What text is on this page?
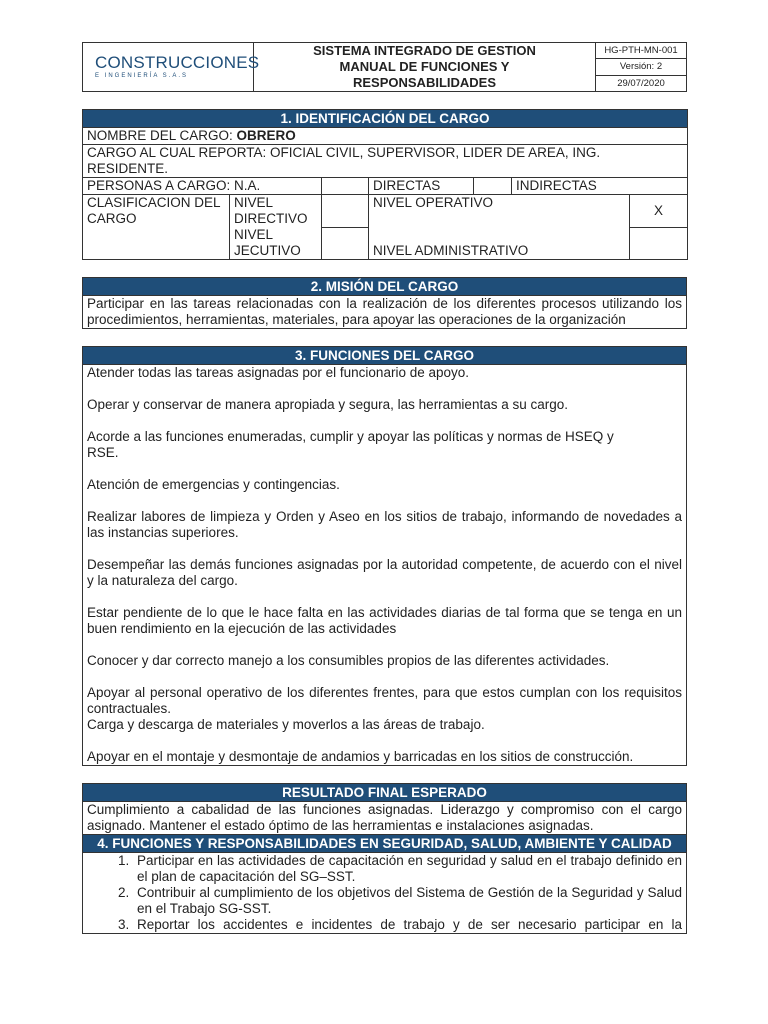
CONSTRUCCIONES
E INGENIERÍA S.A.S

SISTEMA INTEGRADO DE GESTION
MANUAL DE FUNCIONES Y
RESPONSABILIDADES
	HG-PTH-MN-001
Versión: 2
29/07/2020
1. IDENTIFICACIÓN DEL CARGO						
NOMBRE DEL CARGO: OBRERO						
CARGO AL CUAL REPORTA: OFICIAL CIVIL, SUPERVISOR, LIDER DE AREA, ING. RESIDENTE.						
PERSONAS A CARGO: N.A.			DIRECTAS		INDIRECTAS	
CLASIFICACION DEL CARGO	NIVEL DIRECTIVO		NIVEL OPERATIVO			X
	NIVEL JECUTIVO		NIVEL ADMINISTRATIVO			
2. MISIÓN DEL CARGO
Participar en las tareas relacionadas con la realización de los diferentes procesos utilizando los procedimientos, herramientas, materiales, para apoyar las operaciones de la organización
3. FUNCIONES DEL CARGO

Atender todas las tareas asignadas por el funcionario de apoyo.

Operar y conservar de manera apropiada y segura, las herramientas a su cargo.

Acorde a las funciones enumeradas, cumplir y apoyar las políticas y normas de HSEQ y RSE.

Atención de emergencias y contingencias.

Realizar labores de limpieza y Orden y Aseo en los sitios de trabajo, informando de novedades a las instancias superiores.

Desempeñar las demás funciones asignadas por la autoridad competente, de acuerdo con el nivel y la naturaleza del cargo.

Estar pendiente de lo que le hace falta en las actividades diarias de tal forma que se tenga en un buen rendimiento en la ejecución de las actividades

Conocer y dar correcto manejo a los consumibles propios de las diferentes actividades.

Apoyar al personal operativo de los diferentes frentes, para que estos cumplan con los requisitos contractuales.

Carga y descarga de materiales y moverlos a las áreas de trabajo.

Apoyar en el montaje y desmontaje de andamios y barricadas en los sitios de construcción.

RESULTADO FINAL ESPERADO
Cumplimiento a cabalidad de las funciones asignadas. Liderazgo y compromiso con el cargo asignado. Mantener el estado óptimo de las herramientas e instalaciones asignadas.
4. FUNCIONES Y RESPONSABILIDADES EN SEGURIDAD, SALUD, AMBIENTE Y CALIDAD

1. Participar en las actividades de capacitación en seguridad y salud en el trabajo definido en el plan de capacitación del SG–SST.
2. Contribuir al cumplimiento de los objetivos del Sistema de Gestión de la Seguridad y Salud en el Trabajo SG-SST.
3. Reportar los accidentes e incidentes de trabajo y de ser necesario participar en la
